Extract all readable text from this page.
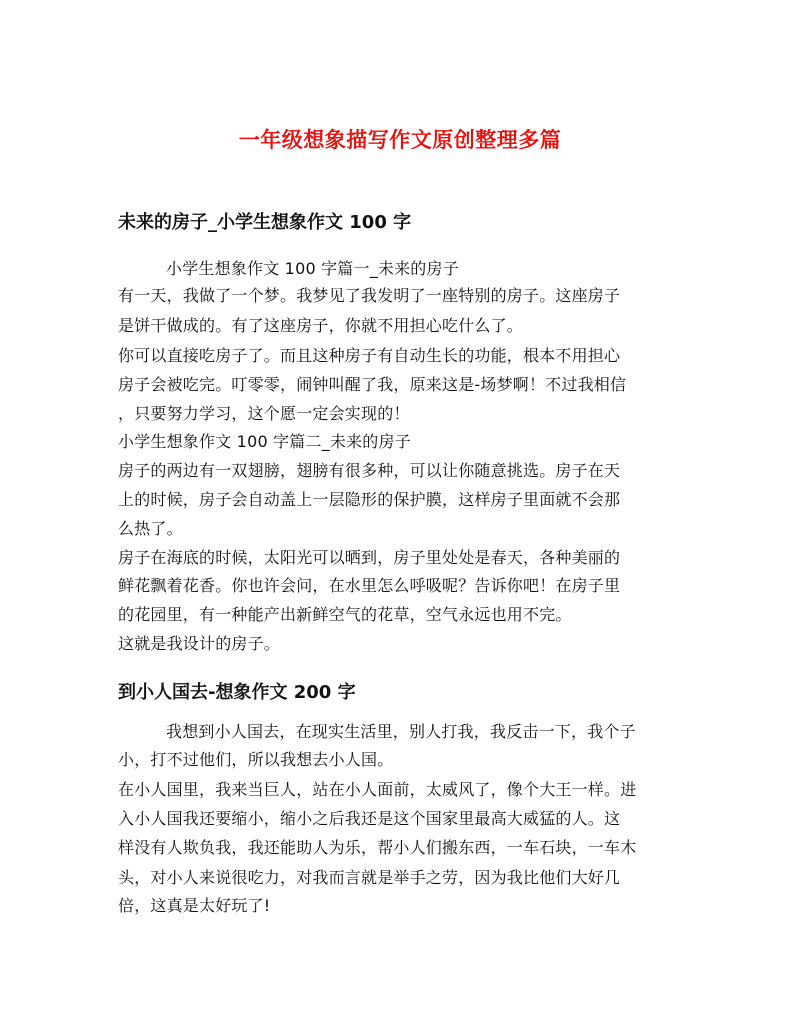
一年级想象描写作文原创整理多篇
未来的房子_小学生想象作文 100 字
小学生想象作文 100 字篇一_未来的房子
有一天，我做了一个梦。我梦见了我发明了一座特别的房子。这座房子
是饼干做成的。有了这座房子，你就不用担心吃什么了。
你可以直接吃房子了。而且这种房子有自动生长的功能，根本不用担心
房子会被吃完。叮零零，闹钟叫醒了我，原来这是-场梦啊！不过我相信
，只要努力学习，这个愿一定会实现的！
小学生想象作文 100 字篇二_未来的房子
房子的两边有一双翅膀，翅膀有很多种，可以让你随意挑选。房子在天
上的时候，房子会自动盖上一层隐形的保护膜，这样房子里面就不会那
么热了。
房子在海底的时候，太阳光可以晒到，房子里处处是春天，各种美丽的
鲜花飘着花香。你也许会问，在水里怎么呼吸呢？告诉你吧！在房子里
的花园里，有一种能产出新鲜空气的花草，空气永远也用不完。
这就是我设计的房子。
到小人国去-想象作文 200 字
我想到小人国去，在现实生活里，别人打我，我反击一下，我个子
小，打不过他们，所以我想去小人国。
在小人国里，我来当巨人，站在小人面前，太威风了，像个大王一样。进
入小人国我还要缩小，缩小之后我还是这个国家里最高大威猛的人。这
样没有人欺负我，我还能助人为乐，帮小人们搬东西，一车石块，一车木
头，对小人来说很吃力，对我而言就是举手之劳，因为我比他们大好几
倍，这真是太好玩了!
